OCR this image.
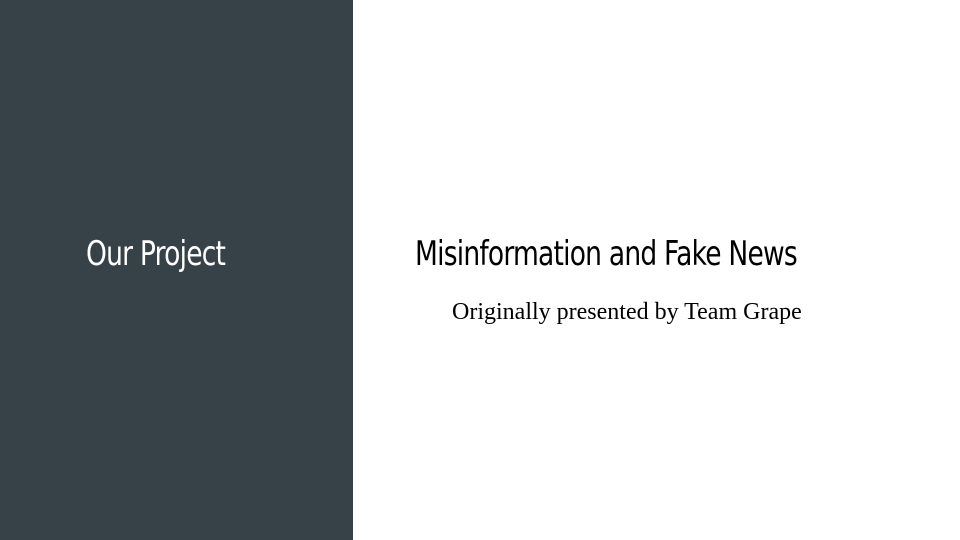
Our Project	Misinformation and Fake News

Originally presented by Team Grape
